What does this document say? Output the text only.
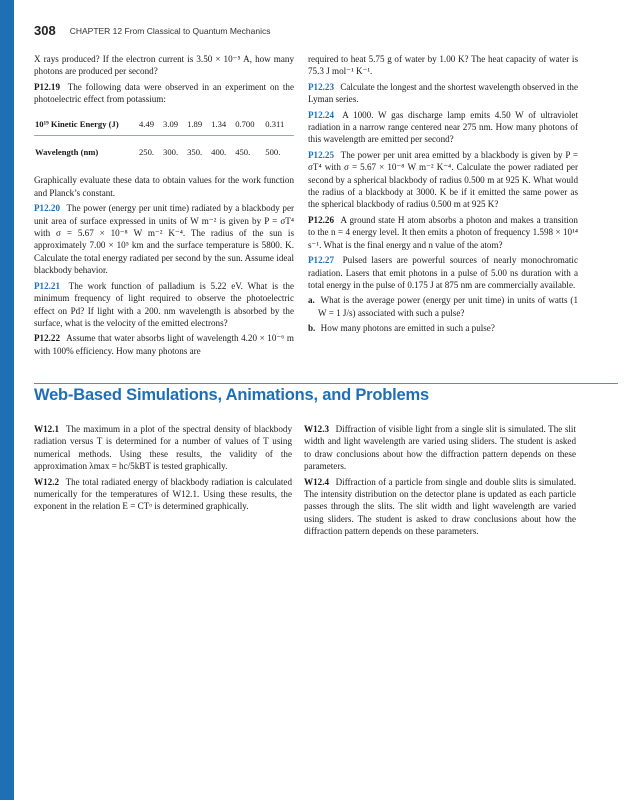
308 CHAPTER 12 From Classical to Quantum Mechanics

X rays produced? If the electron current is 3.50 × 10⁻⁵ A, how many photons are produced per second?

P12.19 The following data were observed in an experiment on the photoelectric effect from potassium:

10¹⁹ Kinetic Energy (J)	4.49	3.09	1.89	1.34	0.700	0.311
Wavelength (nm)	250.	300.	350.	400.	450.	500.

Graphically evaluate these data to obtain values for the work function and Planck’s constant.

P12.20 The power (energy per unit time) radiated by a blackbody per unit area of surface expressed in units of W m⁻² is given by P = σT⁴ with σ = 5.67 × 10⁻⁸ W m⁻² K⁻⁴. The radius of the sun is approximately 7.00 × 10⁵ km and the surface temperature is 5800. K. Calculate the total energy radiated per second by the sun. Assume ideal blackbody behavior.

P12.21 The work function of palladium is 5.22 eV. What is the minimum frequency of light required to observe the photoelectric effect on Pd? If light with a 200. nm wavelength is absorbed by the surface, what is the velocity of the emitted electrons?

P12.22 Assume that water absorbs light of wavelength 4.20 × 10⁻⁶ m with 100% efficiency. How many photons are

required to heat 5.75 g of water by 1.00 K? The heat capacity of water is 75.3 J mol⁻¹ K⁻¹.

P12.23 Calculate the longest and the shortest wavelength observed in the Lyman series.

P12.24 A 1000. W gas discharge lamp emits 4.50 W of ultraviolet radiation in a narrow range centered near 275 nm. How many photons of this wavelength are emitted per second?

P12.25 The power per unit area emitted by a blackbody is given by P = σT⁴ with σ = 5.67 × 10⁻⁸ W m⁻² K⁻⁴. Calculate the power radiated per second by a spherical blackbody of radius 0.500 m at 925 K. What would the radius of a blackbody at 3000. K be if it emitted the same power as the spherical blackbody of radius 0.500 m at 925 K?

P12.26 A ground state H atom absorbs a photon and makes a transition to the n = 4 energy level. It then emits a photon of frequency 1.598 × 10¹⁴ s⁻¹. What is the final energy and n value of the atom?

P12.27 Pulsed lasers are powerful sources of nearly monochromatic radiation. Lasers that emit photons in a pulse of 5.00 ns duration with a total energy in the pulse of 0.175 J at 875 nm are commercially available.

a. What is the average power (energy per unit time) in units of watts (1 W = 1 J/s) associated with such a pulse?

b. How many photons are emitted in such a pulse?

Web-Based Simulations, Animations, and Problems

W12.1 The maximum in a plot of the spectral density of blackbody radiation versus T is determined for a number of values of T using numerical methods. Using these results, the validity of the approximation λmax = hc/5kBT is tested graphically.

W12.2 The total radiated energy of blackbody radiation is calculated numerically for the temperatures of W12.1. Using these results, the exponent in the relation E = CTᵅ is determined graphically.

W12.3 Diffraction of visible light from a single slit is simulated. The slit width and light wavelength are varied using sliders. The student is asked to draw conclusions about how the diffraction pattern depends on these parameters.

W12.4 Diffraction of a particle from single and double slits is simulated. The intensity distribution on the detector plane is updated as each particle passes through the slits. The slit width and light wavelength are varied using sliders. The student is asked to draw conclusions about how the diffraction pattern depends on these parameters.
